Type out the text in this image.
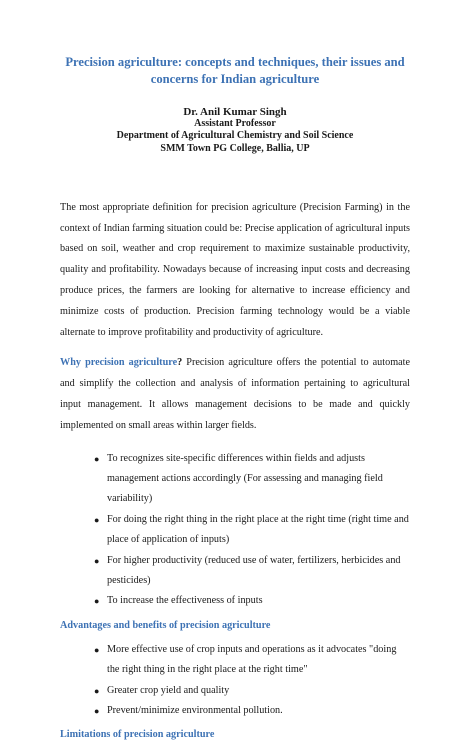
Precision agriculture: concepts and techniques, their issues and concerns for Indian agriculture
Dr. Anil Kumar Singh
Assistant Professor
Department of Agricultural Chemistry and Soil Science
SMM Town PG College, Ballia, UP

The most appropriate definition for precision agriculture (Precision Farming) in the context of Indian farming situation could be: Precise application of agricultural inputs based on soil, weather and crop requirement to maximize sustainable productivity, quality and profitability. Nowadays because of increasing input costs and decreasing produce prices, the farmers are looking for alternative to increase efficiency and minimize costs of production. Precision farming technology would be a viable alternate to improve profitability and productivity of agriculture.

Why precision agriculture? Precision agriculture offers the potential to automate and simplify the collection and analysis of information pertaining to agricultural input management. It allows management decisions to be made and quickly implemented on small areas within larger fields.

● To recognizes site-specific differences within fields and adjusts management actions accordingly (For assessing and managing field variability)
● For doing the right thing in the right place at the right time (right time and place of application of inputs)
● For higher productivity (reduced use of water, fertilizers, herbicides and pesticides)
● To increase the effectiveness of inputs
Advantages and benefits of precision agriculture
● More effective use of crop inputs and operations as it advocates "doing the right thing in the right place at the right time"
● Greater crop yield and quality
● Prevent/minimize environmental pollution.
Limitations of precision agriculture
